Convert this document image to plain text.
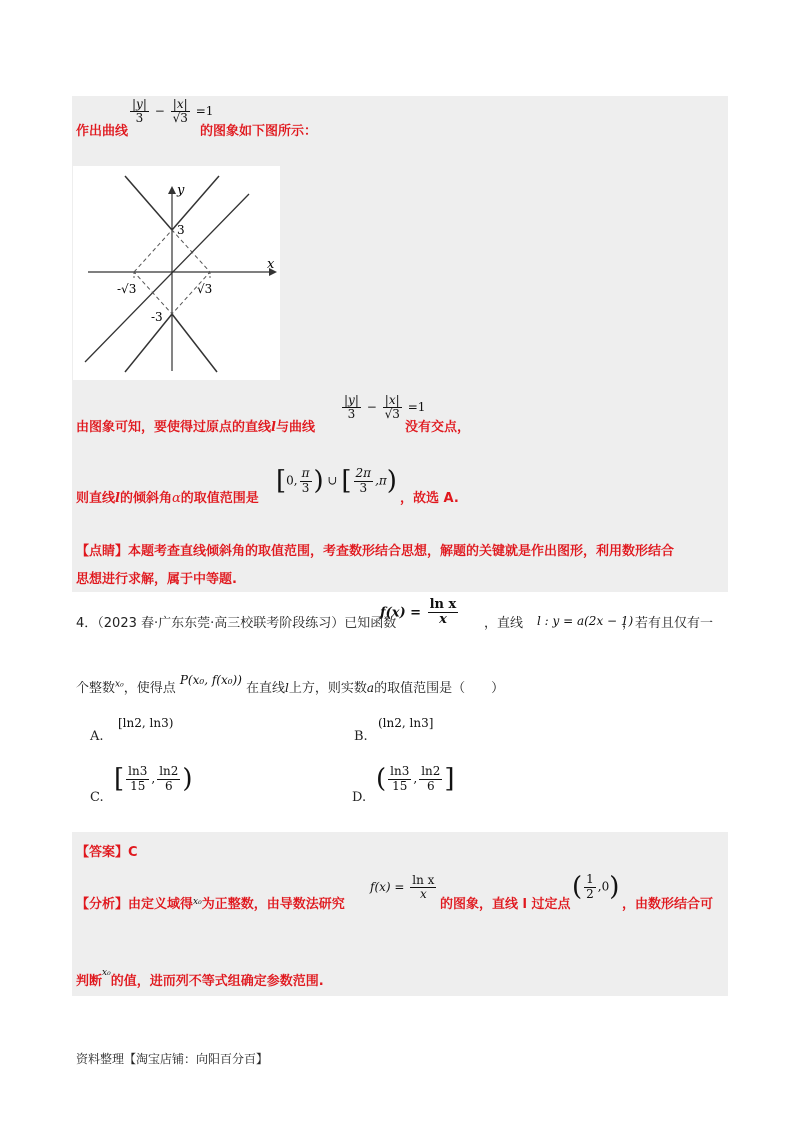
作出曲线
$\frac{|y|}{3} - \frac{|x|}{√3} =1$
的图象如下图所示：
x
y
3
-3
-√3	√3
由图象可知，要使得过原点的直线l与曲线
$\frac{|y|}{3} - \frac{|x|}{√3} =1$
没有交点，
则直线l的倾斜角α的取值范围是
[0, $\frac{\pi}{3}$ ) ∪ [ $\frac{2\pi}{3} ,\pi$)
，故选 A.
【点睛】本题考查直线倾斜角的取值范围，考查数形结合思想，解题的关键就是作出图形，利用数形结合
思想进行求解，属于中等题.
4．（2023 春·广东东莞·高三校联考阶段练习）已知函数
$f(x) = \frac{\text{ln x}}{x}$ ，直线 l : y = a(2x − 1)
，若有且仅有一
个整数$^{x_0}$，使得点 P(x₀, f(x₀)) 在直线l上方，则实数a的取值范围是（　　）
[ln2, ln3)
A.
(ln2, ln3]
B.
C.
[ $\frac{\ln 3}{15}$ , $\frac{\ln 2}{6}$ )
D.
( $\frac{\ln 3}{15}$ , $\frac{\ln 2}{6}$ ]
【答案】C
【分析】由定义域得$^{x_0}$为正整数，由导数法研究
$f(x) = \frac{\text{ln x}}{x}$
的图象，直线 l 过定点
( $\frac{1}{2} ,0$)
，由数形结合可
判断$^{x_0}$的值，进而列不等式组确定参数范围.
资料整理【淘宝店铺：向阳百分百】
